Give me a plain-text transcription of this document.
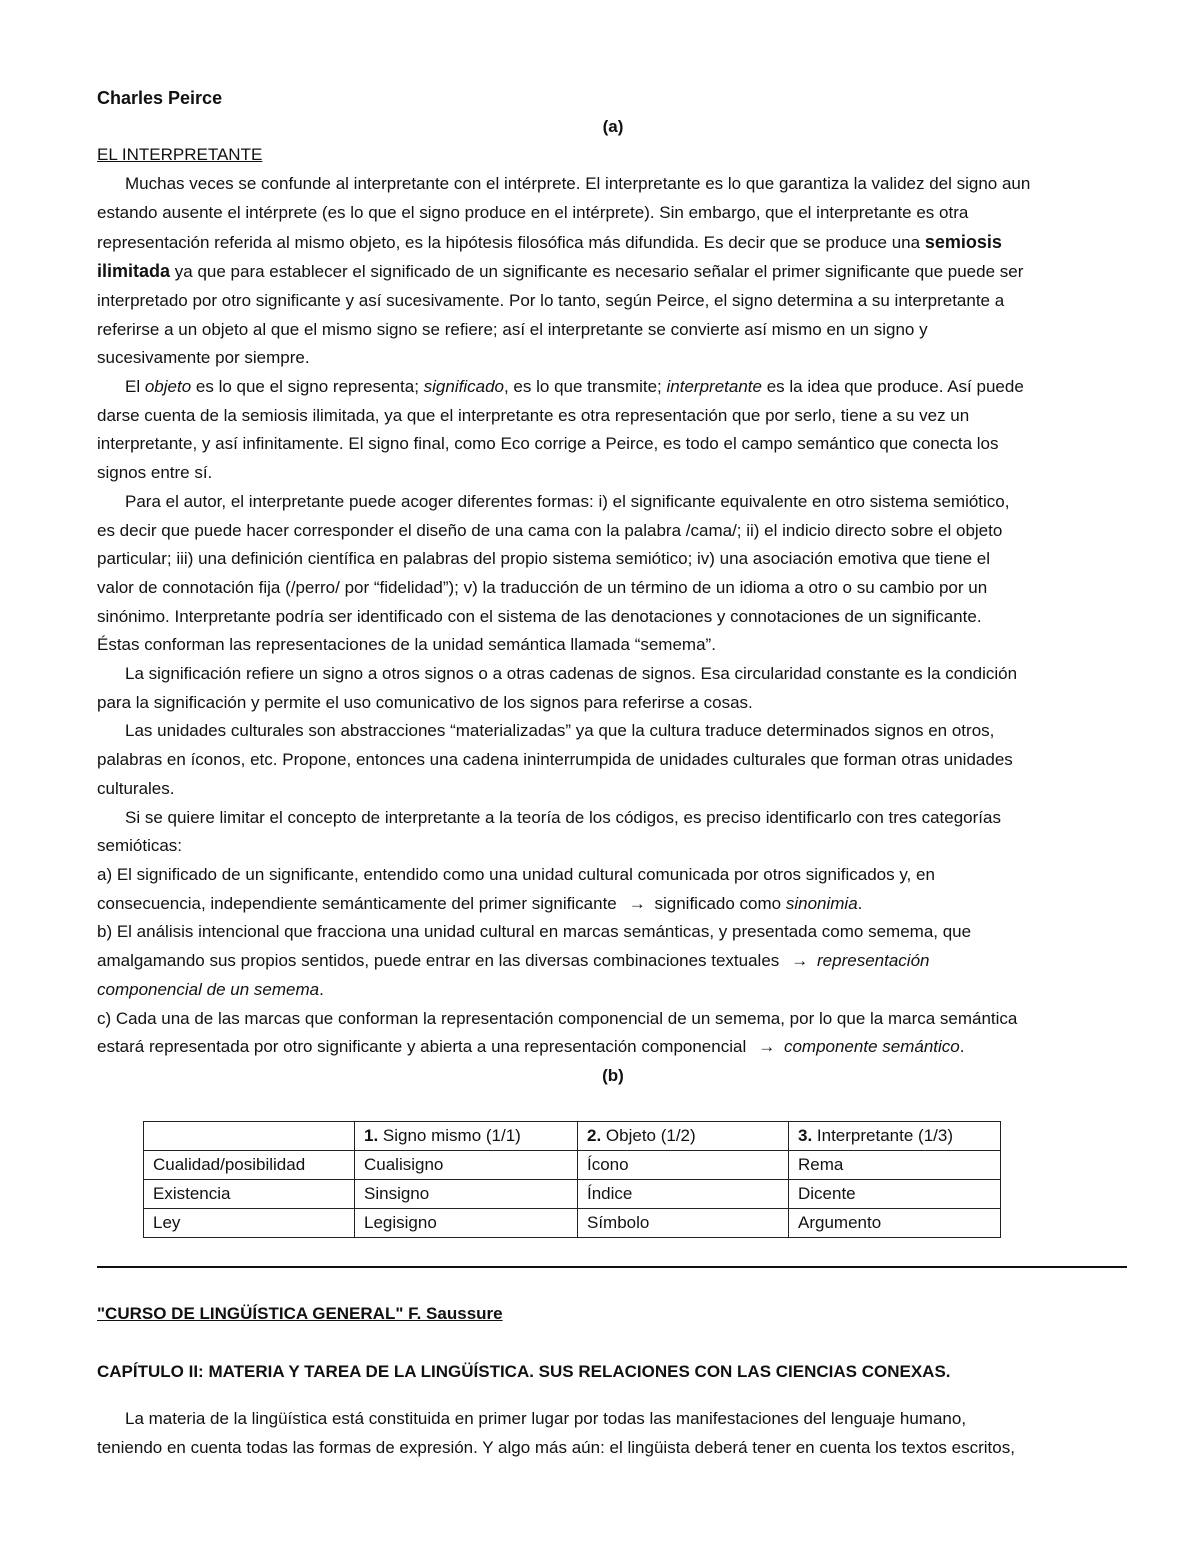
Charles Peirce
(a)
EL INTERPRETANTE
Muchas veces se confunde al interpretante con el intérprete. El interpretante es lo que garantiza la validez del signo aun
estando ausente el intérprete (es lo que el signo produce en el intérprete). Sin embargo, que el interpretante es otra
representación referida al mismo objeto, es la hipótesis filosófica más difundida. Es decir que se produce una semiosis
ilimitada ya que para establecer el significado de un significante es necesario señalar el primer significante que puede ser
interpretado por otro significante y así sucesivamente. Por lo tanto, según Peirce, el signo determina a su interpretante a
referirse a un objeto al que el mismo signo se refiere; así el interpretante se convierte así mismo en un signo y
sucesivamente por siempre.
El objeto es lo que el signo representa; significado, es lo que transmite; interpretante es la idea que produce. Así puede
darse cuenta de la semiosis ilimitada, ya que el interpretante es otra representación que por serlo, tiene a su vez un
interpretante, y así infinitamente. El signo final, como Eco corrige a Peirce, es todo el campo semántico que conecta los
signos entre sí.
Para el autor, el interpretante puede acoger diferentes formas: i) el significante equivalente en otro sistema semiótico,
es decir que puede hacer corresponder el diseño de una cama con la palabra /cama/; ii) el indicio directo sobre el objeto
particular; iii) una definición científica en palabras del propio sistema semiótico; iv) una asociación emotiva que tiene el
valor de connotación fija (/perro/ por “fidelidad”); v) la traducción de un término de un idioma a otro o su cambio por un
sinónimo. Interpretante podría ser identificado con el sistema de las denotaciones y connotaciones de un significante.
Éstas conforman las representaciones de la unidad semántica llamada “semema”.
La significación refiere un signo a otros signos o a otras cadenas de signos. Esa circularidad constante es la condición
para la significación y permite el uso comunicativo de los signos para referirse a cosas.
Las unidades culturales son abstracciones “materializadas” ya que la cultura traduce determinados signos en otros,
palabras en íconos, etc. Propone, entonces una cadena ininterrumpida de unidades culturales que forman otras unidades
culturales.
Si se quiere limitar el concepto de interpretante a la teoría de los códigos, es preciso identificarlo con tres categorías
semióticas:
a) El significado de un significante, entendido como una unidad cultural comunicada por otros significados y, en
consecuencia, independiente semánticamente del primer significante → significado como sinonimia.
b) El análisis intencional que fracciona una unidad cultural en marcas semánticas, y presentada como semema, que
amalgamando sus propios sentidos, puede entrar en las diversas combinaciones textuales → representación
componencial de un semema.
c) Cada una de las marcas que conforman la representación componencial de un semema, por lo que la marca semántica
estará representada por otro significante y abierta a una representación componencial → componente semántico.
(b)
	1. Signo mismo (1/1)	2. Objeto (1/2)	3. Interpretante (1/3)
Cualidad/posibilidad	Cualisigno	Ícono	Rema
Existencia	Sinsigno	Índice	Dicente
Ley	Legisigno	Símbolo	Argumento
"CURSO DE LINGÜÍSTICA GENERAL" F. Saussure
CAPÍTULO II: MATERIA Y TAREA DE LA LINGÜÍSTICA. SUS RELACIONES CON LAS CIENCIAS CONEXAS.
La materia de la lingüística está constituida en primer lugar por todas las manifestaciones del lenguaje humano,
teniendo en cuenta todas las formas de expresión. Y algo más aún: el lingüista deberá tener en cuenta los textos escritos,
